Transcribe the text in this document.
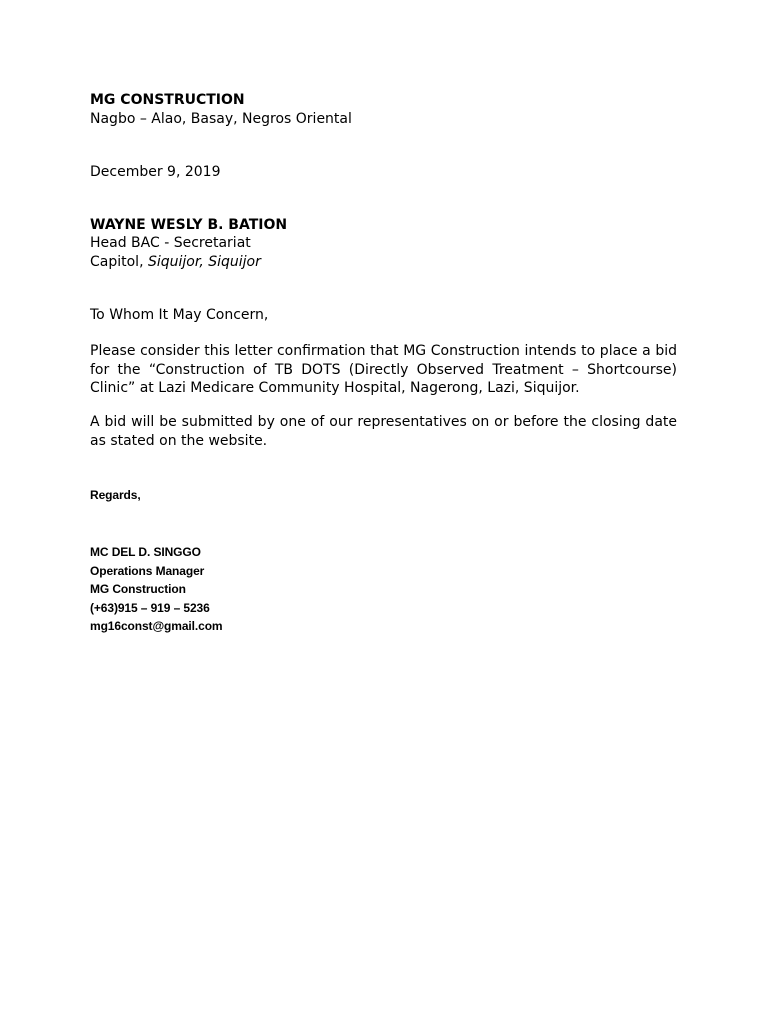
MG CONSTRUCTION

Nagbo – Alao, Basay, Negros Oriental

December 9, 2019

WAYNE WESLY B. BATION

Head BAC - Secretariat

Capitol, Siquijor, Siquijor

To Whom It May Concern,

Please consider this letter confirmation that MG Construction intends to place a bid for the “Construction of TB DOTS (Directly Observed Treatment – Shortcourse) Clinic” at Lazi Medicare Community Hospital, Nagerong, Lazi, Siquijor.

A bid will be submitted by one of our representatives on or before the closing date as stated on the website.

Regards,

MC DEL D. SINGGO
Operations Manager
MG Construction
(+63)915 – 919 – 5236
mg16const@gmail.com
